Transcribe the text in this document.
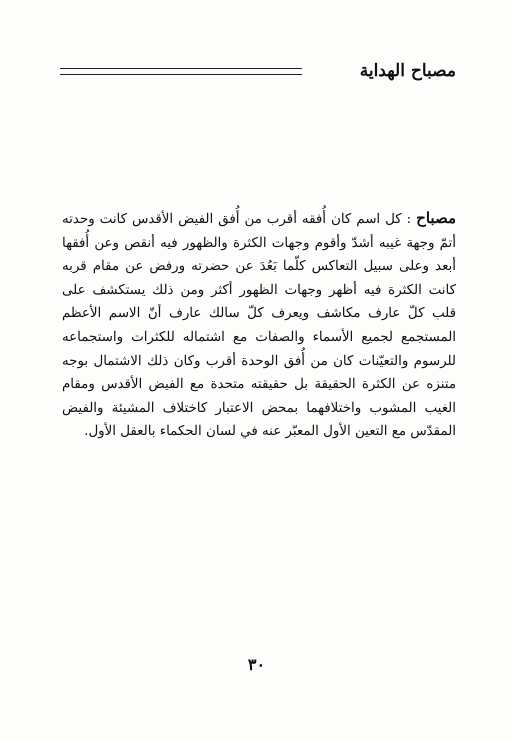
مصباح الهداية
مصباح : كل اسم كان أُفقه أقرب من أُفق الفيض الأقدس كانت وحدته أتمّ وجهة غيبه أشدّ وأقوم وجهات الكثرة والظهور فيه أنقص وعن أُفقها أبعد وعلى سبيل التعاكس كلّما بَعُدَ عن حضرته ورفض عن مقام قربه كانت الكثرة فيه أظهر وجهات الظهور أكثر ومن ذلك يستكشف على قلب كلّ عارف مكاشف ويعرف كلّ سالك عارف أنّ الاسم الأعظم المستجمع لجميع الأسماء والصفات مع اشتماله للكثرات واستجماعه للرسوم والتعيّنات كان من أُفق الوحدة أقرب وكان ذلك الاشتمال بوجه متنزه عن الكثرة الحقيقة بل حقيقته متحدة مع الفيض الأقدس ومقام الغيب المشوب واختلافهما بمحض الاعتبار كاختلاف المشيئة والفيض المقدّس مع التعين الأول المعبّر عنه في لسان الحكماء بالعقل الأول.
٣٠
